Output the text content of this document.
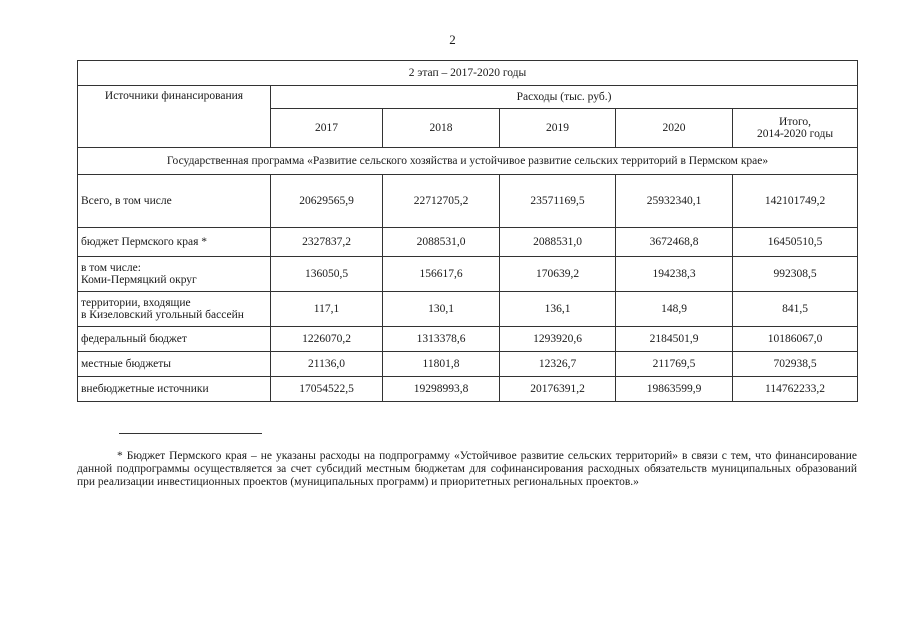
2
2 этап – 2017-2020 годы					
Источники финансирования	Расходы (тыс. руб.)				
	2017	2018	2019	2020	Итого,
2014-2020 годы

Государственная программа «Развитие сельского хозяйства и устойчивое развитие сельских территорий в Пермском крае»					
Всего, в том числе	20629565,9	22712705,2	23571169,5	25932340,1	142101749,2
бюджет Пермского края *	2327837,2	2088531,0	2088531,0	3672468,8	16450510,5

в том числе:
Коми-Пермяцкий округ	136050,5	156617,6	170639,2	194238,3	992308,5

территории, входящие
в Кизеловский угольный бассейн	117,1	130,1	136,1	148,9	841,5
федеральный бюджет	1226070,2	1313378,6	1293920,6	2184501,9	10186067,0
местные бюджеты	21136,0	11801,8	12326,7	211769,5	702938,5
внебюджетные источники	17054522,5	19298993,8	20176391,2	19863599,9	114762233,2
* Бюджет Пермского края – не указаны расходы на подпрограмму «Устойчивое развитие сельских территорий» в связи с тем, что финансирование данной подпрограммы осуществляется за счет субсидий местным бюджетам для софинансирования расходных обязательств муниципальных образований при реализации инвестиционных проектов (муниципальных программ) и приоритетных региональных проектов.»
